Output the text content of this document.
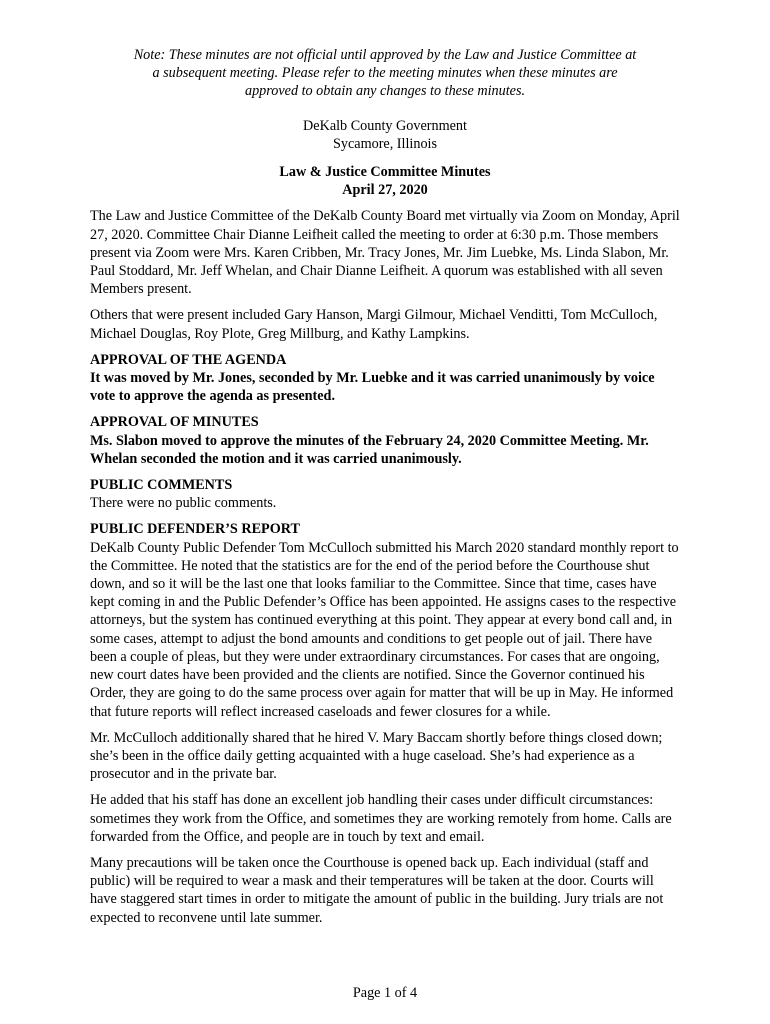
Note: These minutes are not official until approved by the Law and Justice Committee at a subsequent meeting. Please refer to the meeting minutes when these minutes are approved to obtain any changes to these minutes.

DeKalb County Government

Sycamore, Illinois

Law & Justice Committee Minutes

April 27, 2020

The Law and Justice Committee of the DeKalb County Board met virtually via Zoom on Monday, April 27, 2020. Committee Chair Dianne Leifheit called the meeting to order at 6:30 p.m. Those members present via Zoom were Mrs. Karen Cribben, Mr. Tracy Jones, Mr. Jim Luebke, Ms. Linda Slabon, Mr. Paul Stoddard, Mr. Jeff Whelan, and Chair Dianne Leifheit. A quorum was established with all seven Members present.

Others that were present included Gary Hanson, Margi Gilmour, Michael Venditti, Tom McCulloch, Michael Douglas, Roy Plote, Greg Millburg, and Kathy Lampkins.

APPROVAL OF THE AGENDA

It was moved by Mr. Jones, seconded by Mr. Luebke and it was carried unanimously by voice vote to approve the agenda as presented.

APPROVAL OF MINUTES

Ms. Slabon moved to approve the minutes of the February 24, 2020 Committee Meeting. Mr. Whelan seconded the motion and it was carried unanimously.

PUBLIC COMMENTS

There were no public comments.

PUBLIC DEFENDER’S REPORT

DeKalb County Public Defender Tom McCulloch submitted his March 2020 standard monthly report to the Committee. He noted that the statistics are for the end of the period before the Courthouse shut down, and so it will be the last one that looks familiar to the Committee. Since that time, cases have kept coming in and the Public Defender’s Office has been appointed. He assigns cases to the respective attorneys, but the system has continued everything at this point. They appear at every bond call and, in some cases, attempt to adjust the bond amounts and conditions to get people out of jail. There have been a couple of pleas, but they were under extraordinary circumstances. For cases that are ongoing, new court dates have been provided and the clients are notified. Since the Governor continued his Order, they are going to do the same process over again for matter that will be up in May. He informed that future reports will reflect increased caseloads and fewer closures for a while.

Mr. McCulloch additionally shared that he hired V. Mary Baccam shortly before things closed down; she’s been in the office daily getting acquainted with a huge caseload. She’s had experience as a prosecutor and in the private bar.

He added that his staff has done an excellent job handling their cases under difficult circumstances: sometimes they work from the Office, and sometimes they are working remotely from home. Calls are forwarded from the Office, and people are in touch by text and email.

Many precautions will be taken once the Courthouse is opened back up. Each individual (staff and public) will be required to wear a mask and their temperatures will be taken at the door. Courts will have staggered start times in order to mitigate the amount of public in the building. Jury trials are not expected to reconvene until late summer.

Page 1 of 4
